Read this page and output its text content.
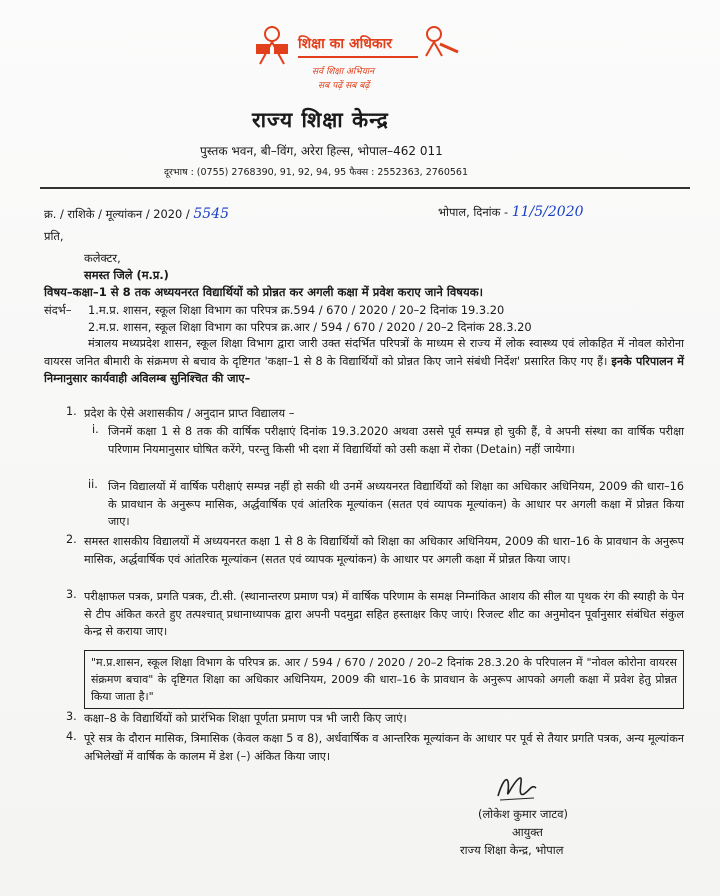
शिक्षा का अधिकार
सर्व शिक्षा अभियान
सब पढ़ें सब बढ़ें
राज्य शिक्षा केन्द्र
पुस्तक भवन, बी–विंग, अरेरा हिल्स, भोपाल–462 011
दूरभाष : (0755) 2768390, 91, 92, 94, 95 फैक्स : 2552363, 2760561
क्र. / राशिके / मूल्यांकन / 2020 / 5545	भोपाल, दिनांक - 11/5/2020
प्रति,
कलेक्टर,
समस्त जिले (म.प्र.)
विषय–कक्षा–1 से 8 तक अध्ययनरत विद्यार्थियों को प्रोन्नत कर अगली कक्षा में प्रवेश कराए जाने विषयक।
संदर्भ– 1.म.प्र. शासन, स्कूल शिक्षा विभाग का परिपत्र क्र.594 / 670 / 2020 / 20–2 दिनांक 19.3.20
2.म.प्र. शासन, स्कूल शिक्षा विभाग का परिपत्र क्र.आर / 594 / 670 / 2020 / 20–2 दिनांक 28.3.20
मंत्रालय मध्यप्रदेश शासन, स्कूल शिक्षा विभाग द्वारा जारी उक्त संदर्भित परिपत्रों के माध्यम से राज्य में लोक स्वास्थ्य एवं लोकहित में नोवल कोरोना वायरस जनित बीमारी के संक्रमण से बचाव के दृष्टिगत 'कक्षा–1 से 8 के विद्यार्थियों को प्रोन्नत किए जाने संबंधी निर्देश' प्रसारित किए गए हैं। इनके परिपालन में निम्नानुसार कार्यवाही अविलम्ब सुनिश्चित की जाए–
1. प्रदेश के ऐसे अशासकीय / अनुदान प्राप्त विद्यालय –
i. जिनमें कक्षा 1 से 8 तक की वार्षिक परीक्षाएं दिनांक 19.3.2020 अथवा उससे पूर्व सम्पन्न हो चुकी हैं, वे अपनी संस्था का वार्षिक परीक्षा परिणाम नियमानुसार घोषित करेंगे, परन्तु किसी भी दशा में विद्यार्थियों को उसी कक्षा में रोका (Detain) नहीं जायेगा।
ii. जिन विद्यालयों में वार्षिक परीक्षाएं सम्पन्न नहीं हो सकी थी उनमें अध्ययनरत विद्यार्थियों को शिक्षा का अधिकार अधिनियम, 2009 की धारा–16 के प्रावधान के अनुरूप मासिक, अर्द्धवार्षिक एवं आंतरिक मूल्यांकन (सतत एवं व्यापक मूल्यांकन) के आधार पर अगली कक्षा में प्रोन्नत किया जाए।
2. समस्त शासकीय विद्यालयों में अध्ययनरत कक्षा 1 से 8 के विद्यार्थियों को शिक्षा का अधिकार अधिनियम, 2009 की धारा–16 के प्रावधान के अनुरूप मासिक, अर्द्धवार्षिक एवं आंतरिक मूल्यांकन (सतत एवं व्यापक मूल्यांकन) के आधार पर अगली कक्षा में प्रोन्नत किया जाए।
3. परीक्षाफल पत्रक, प्रगति पत्रक, टी.सी. (स्थानान्तरण प्रमाण पत्र) में वार्षिक परिणाम के समक्ष निम्नांकित आशय की सील या पृथक रंग की स्याही के पेन से टीप अंकित करते हुए तत्पश्चात् प्रधानाध्यापक द्वारा अपनी पदमुद्रा सहित हस्ताक्षर किए जाएं। रिजल्ट शीट का अनुमोदन पूर्वानुसार संबंधित संकुल केन्द्र से कराया जाए।
"म.प्र.शासन, स्कूल शिक्षा विभाग के परिपत्र क्र. आर / 594 / 670 / 2020 / 20–2 दिनांक 28.3.20 के परिपालन में "नोवल कोरोना वायरस संक्रमण बचाव" के दृष्टिगत शिक्षा का अधिकार अधिनियम, 2009 की धारा–16 के प्रावधान के अनुरूप आपको अगली कक्षा में प्रवेश हेतु प्रोन्नत किया जाता है।"
3. कक्षा–8 के विद्यार्थियों को प्रारंभिक शिक्षा पूर्णता प्रमाण पत्र भी जारी किए जाएं।
4. पूरे सत्र के दौरान मासिक, त्रिमासिक (केवल कक्षा 5 व 8), अर्धवार्षिक व आन्तरिक मूल्यांकन के आधार पर पूर्व से तैयार प्रगति पत्रक, अन्य मूल्यांकन अभिलेखों में वार्षिक के कालम में डेश (–) अंकित किया जाए।
(लोकेश कुमार जाटव)
आयुक्त
राज्य शिक्षा केन्द्र, भोपाल
